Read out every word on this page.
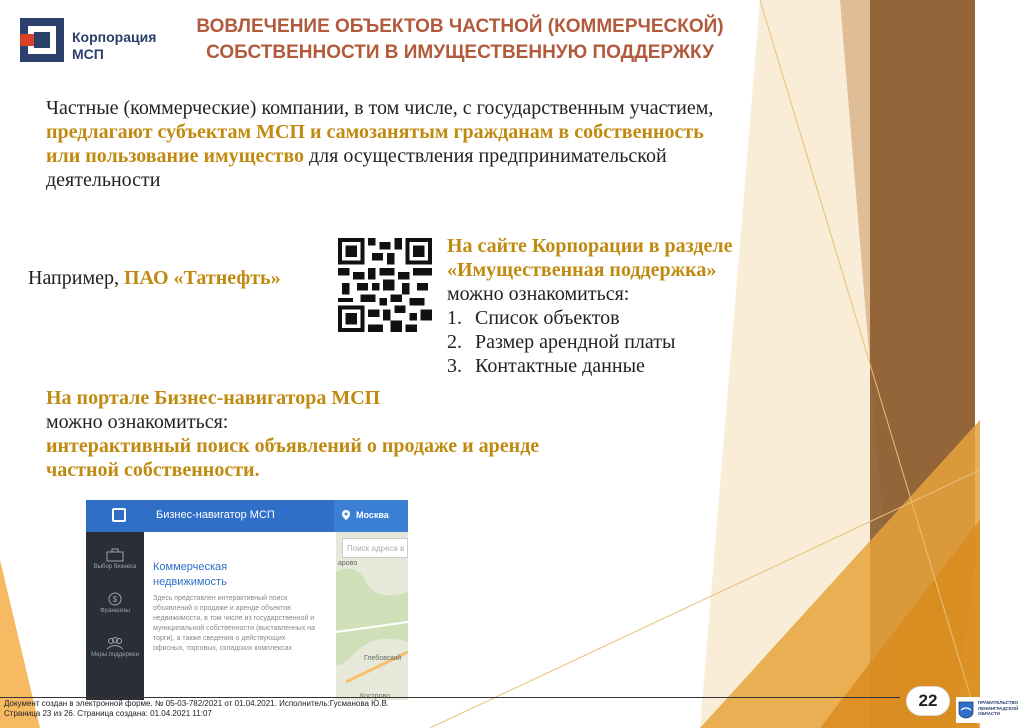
Корпорация
МСП
ВОВЛЕЧЕНИЕ ОБЪЕКТОВ ЧАСТНОЙ (КОММЕРЧЕСКОЙ)
СОБСТВЕННОСТИ В ИМУЩЕСТВЕННУЮ ПОДДЕРЖКУ
Частные (коммерческие) компании, в том числе, с государственным участием, предлагают субъектам МСП и самозанятым гражданам в собственность или пользование имущество для осуществления предпринимательской деятельности
Например, ПАО «Татнефть»
На сайте Корпорации в разделе «Имущественная поддержка»
можно ознакомиться:
1. Список объектов
2. Размер арендной платы
3. Контактные данные
На портале Бизнес-навигатора МСП
можно ознакомиться:
интерактивный поиск объявлений о продаже и аренде частной собственности.
Бизнес-навигатор МСП	Москва
Выбор бизнеса
$
Франшизы
Меры поддержки
Коммерческая недвижимость
Здесь представлен интерактивный поиск объявлений о продаже и аренде объектов недвижимости, в том числе из государственной и муниципальной собственности (выставленных на торги), а также сведения о действующих офисных, торговых, складских комплексах
Поиск адреса в
арово
Глебовский
Документ создан в электронной форме. № 05-03-782/2021 от 01.04.2021. Исполнитель:Гусманова Ю.В.
Страница 23 из 26. Страница создана: 01.04.2021 11:07
22	ПРАВИТЕЛЬСТВО
ЛЕНИНГРАДСКОЙ
ОБЛАСТИ
